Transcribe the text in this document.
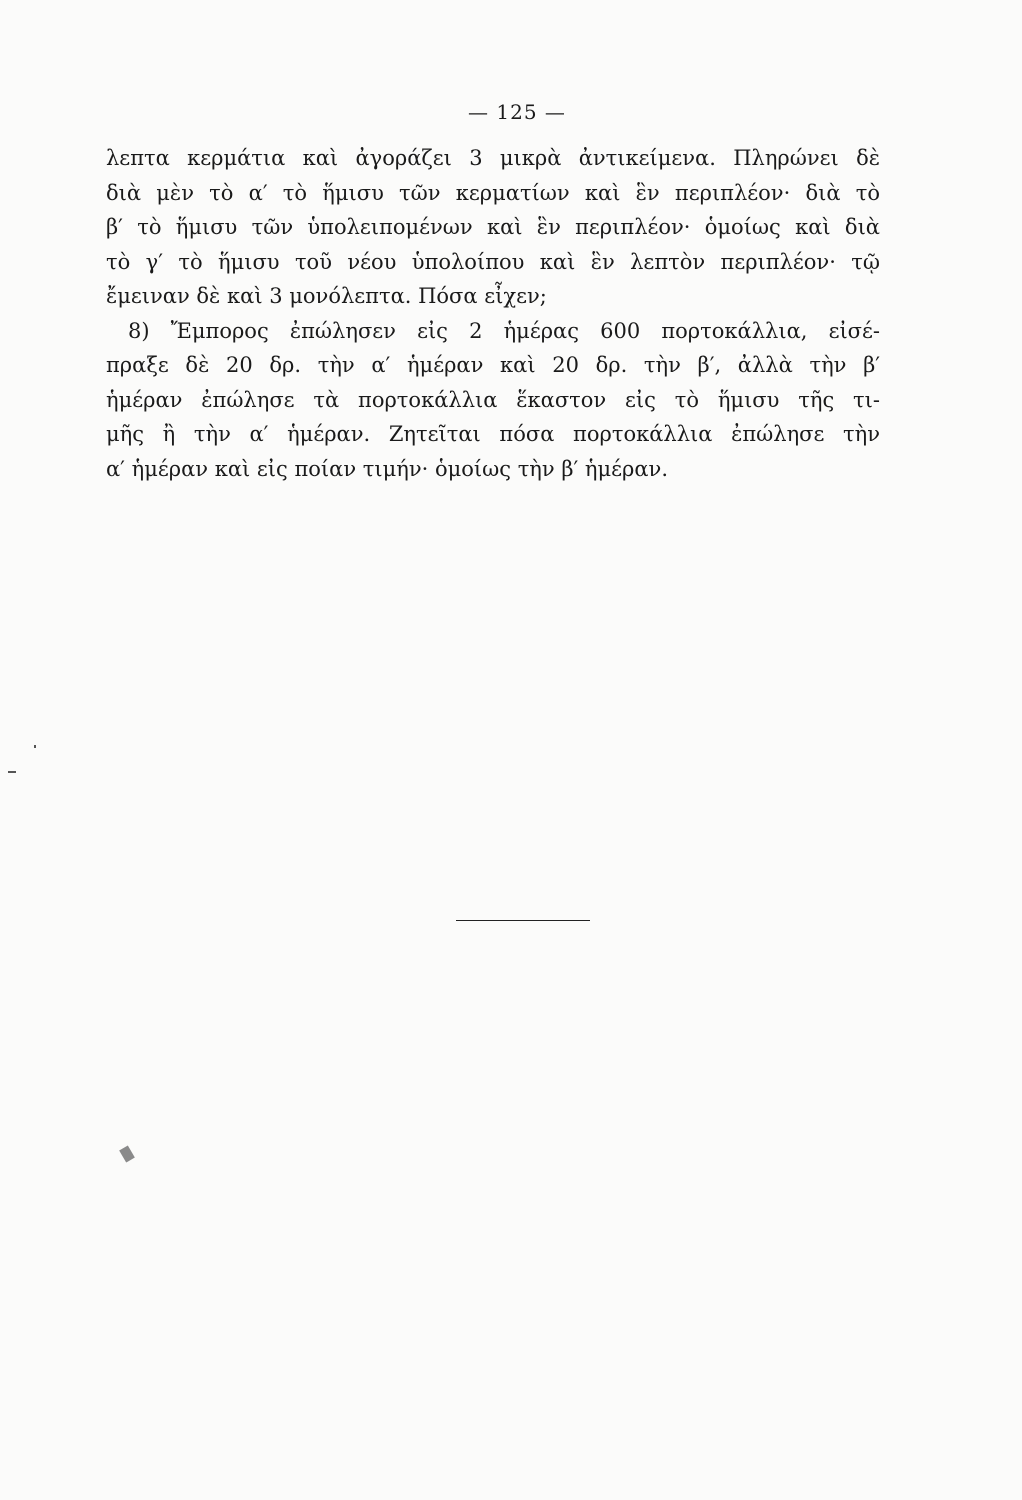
— 125 —
λεπτα κερμάτια καὶ ἀγοράζει 3 μικρὰ ἀντικείμενα. Πληρώνει δὲ
διὰ μὲν τὸ α′ τὸ ἥμισυ τῶν κερματίων καὶ ἓν περιπλέον· διὰ τὸ
β′ τὸ ἥμισυ τῶν ὑπολειπομένων καὶ ἓν περιπλέον· ὁμοίως καὶ διὰ
τὸ γ′ τὸ ἥμισυ τοῦ νέου ὑπολοίπου καὶ ἓν λεπτὸν περιπλέον· τῷ
ἔμειναν δὲ καὶ 3 μονόλεπτα. Πόσα εἶχεν;
8) Ἔμπορος ἐπώλησεν εἰς 2 ἡμέρας 600 πορτοκάλλια, εἰσέ-
πραξε δὲ 20 δρ. τὴν α′ ἡμέραν καὶ 20 δρ. τὴν β′, ἀλλὰ τὴν β′
ἡμέραν ἐπώλησε τὰ πορτοκάλλια ἕκαστον εἰς τὸ ἥμισυ τῆς τι-
μῆς ἢ τὴν α′ ἡμέραν. Ζητεῖται πόσα πορτοκάλλια ἐπώλησε τὴν
α′ ἡμέραν καὶ εἰς ποίαν τιμήν· ὁμοίως τὴν β′ ἡμέραν.
